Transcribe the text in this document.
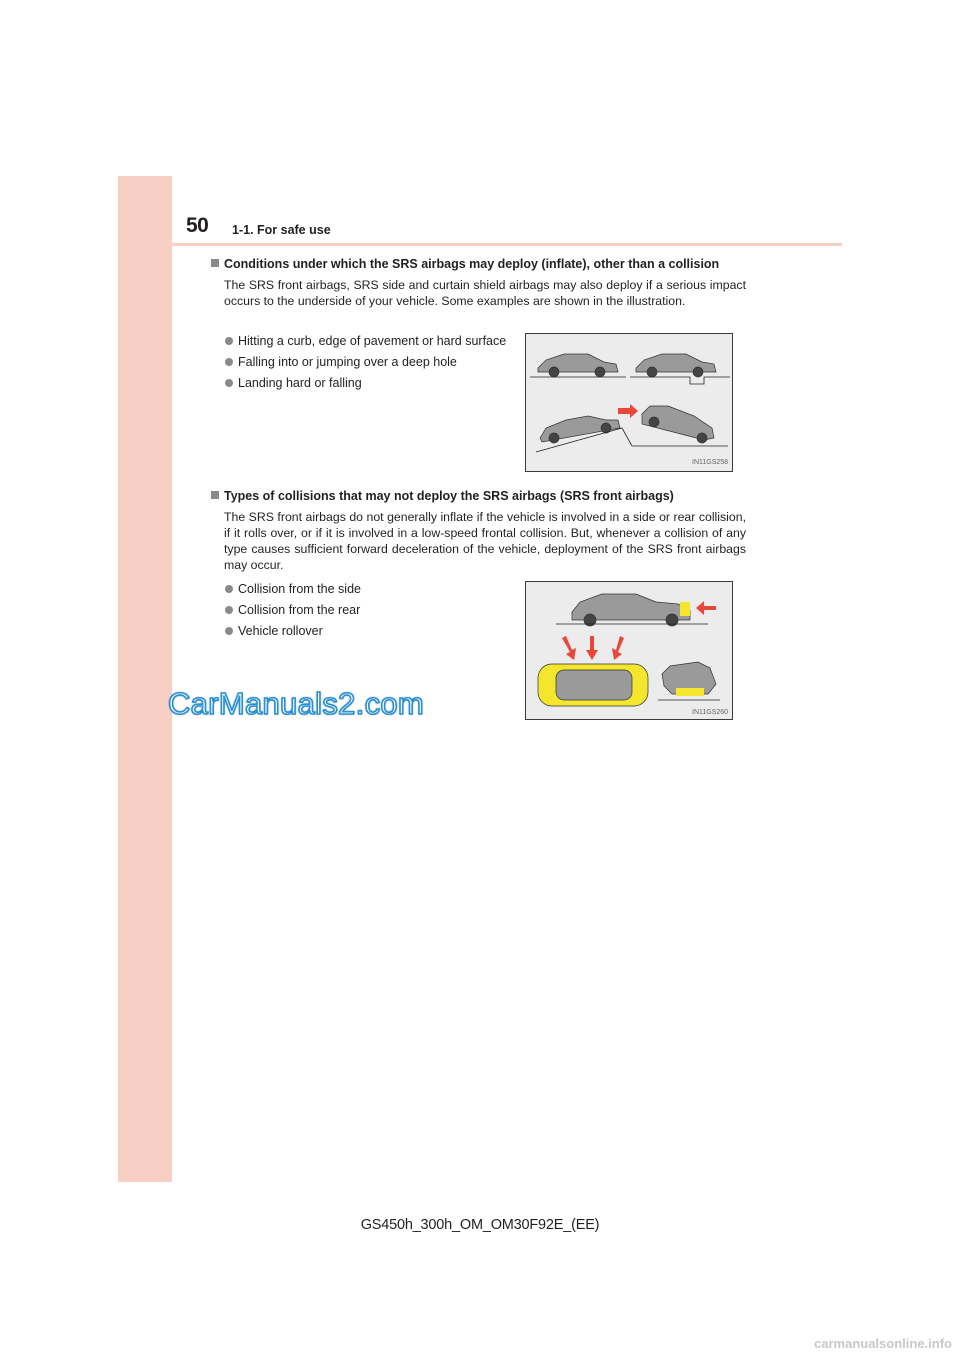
50 1-1. For safe use
Conditions under which the SRS airbags may deploy (inflate), other than a collision
The SRS front airbags, SRS side and curtain shield airbags may also deploy if a serious impact occurs to the underside of your vehicle. Some examples are shown in the illustration.
Hitting a curb, edge of pavement or hard surface
Falling into or jumping over a deep hole
Landing hard or falling
IN11GS258
Types of collisions that may not deploy the SRS airbags (SRS front airbags)
The SRS front airbags do not generally inflate if the vehicle is involved in a side or rear collision, if it rolls over, or if it is involved in a low-speed frontal collision. But, whenever a collision of any type causes sufficient forward deceleration of the vehicle, deployment of the SRS front airbags may occur.
Collision from the side
Collision from the rear
Vehicle rollover
IN11GS260
CarManuals2.com
GS450h_300h_OM_OM30F92E_(EE)
carmanualsonline.info
